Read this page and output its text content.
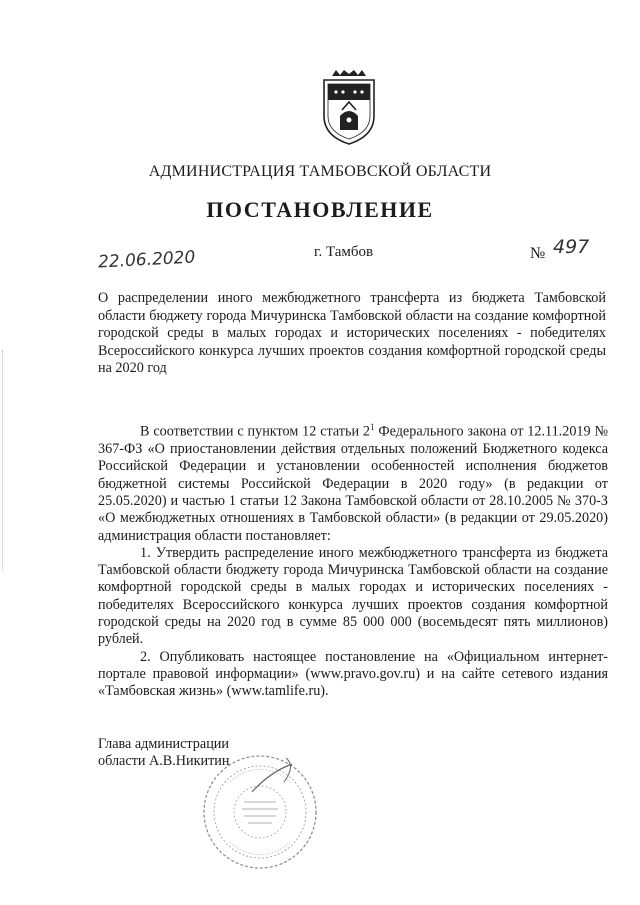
АДМИНИСТРАЦИЯ ТАМБОВСКОЙ ОБЛАСТИ
ПОСТАНОВЛЕНИЕ
22.06.2020	г. Тамбов	№ 497
О распределении иного межбюджетного трансферта из бюджета Тамбовской области бюджету города Мичуринска Тамбовской области на создание комфортной городской среды в малых городах и исторических поселениях - победителях Всероссийского конкурса лучших проектов создания комфортной городской среды на 2020 год

В соответствии с пунктом 12 статьи $2^1$ Федерального закона от 12.11.2019 № 367-ФЗ «О приостановлении действия отдельных положений Бюджетного кодекса Российской Федерации и установлении особенностей исполнения бюджетов бюджетной системы Российской Федерации в 2020 году» (в редакции от 25.05.2020) и частью 1 статьи 12 Закона Тамбовской области от 28.10.2005 № 370-З «О межбюджетных отношениях в Тамбовской области» (в редакции от 29.05.2020) администрация области постановляет:

1. Утвердить распределение иного межбюджетного трансферта из бюджета Тамбовской области бюджету города Мичуринска Тамбовской области на создание комфортной городской среды в малых городах и исторических поселениях - победителях Всероссийского конкурса лучших проектов создания комфортной городской среды на 2020 год в сумме 85 000 000 (восемьдесят пять миллионов) рублей.

2. Опубликовать настоящее постановление на «Официальном интернет-портале правовой информации» (www.pravo.gov.ru) и на сайте сетевого издания «Тамбовская жизнь» (www.tamlife.ru).

Глава администрации
области А.В.Никитин
